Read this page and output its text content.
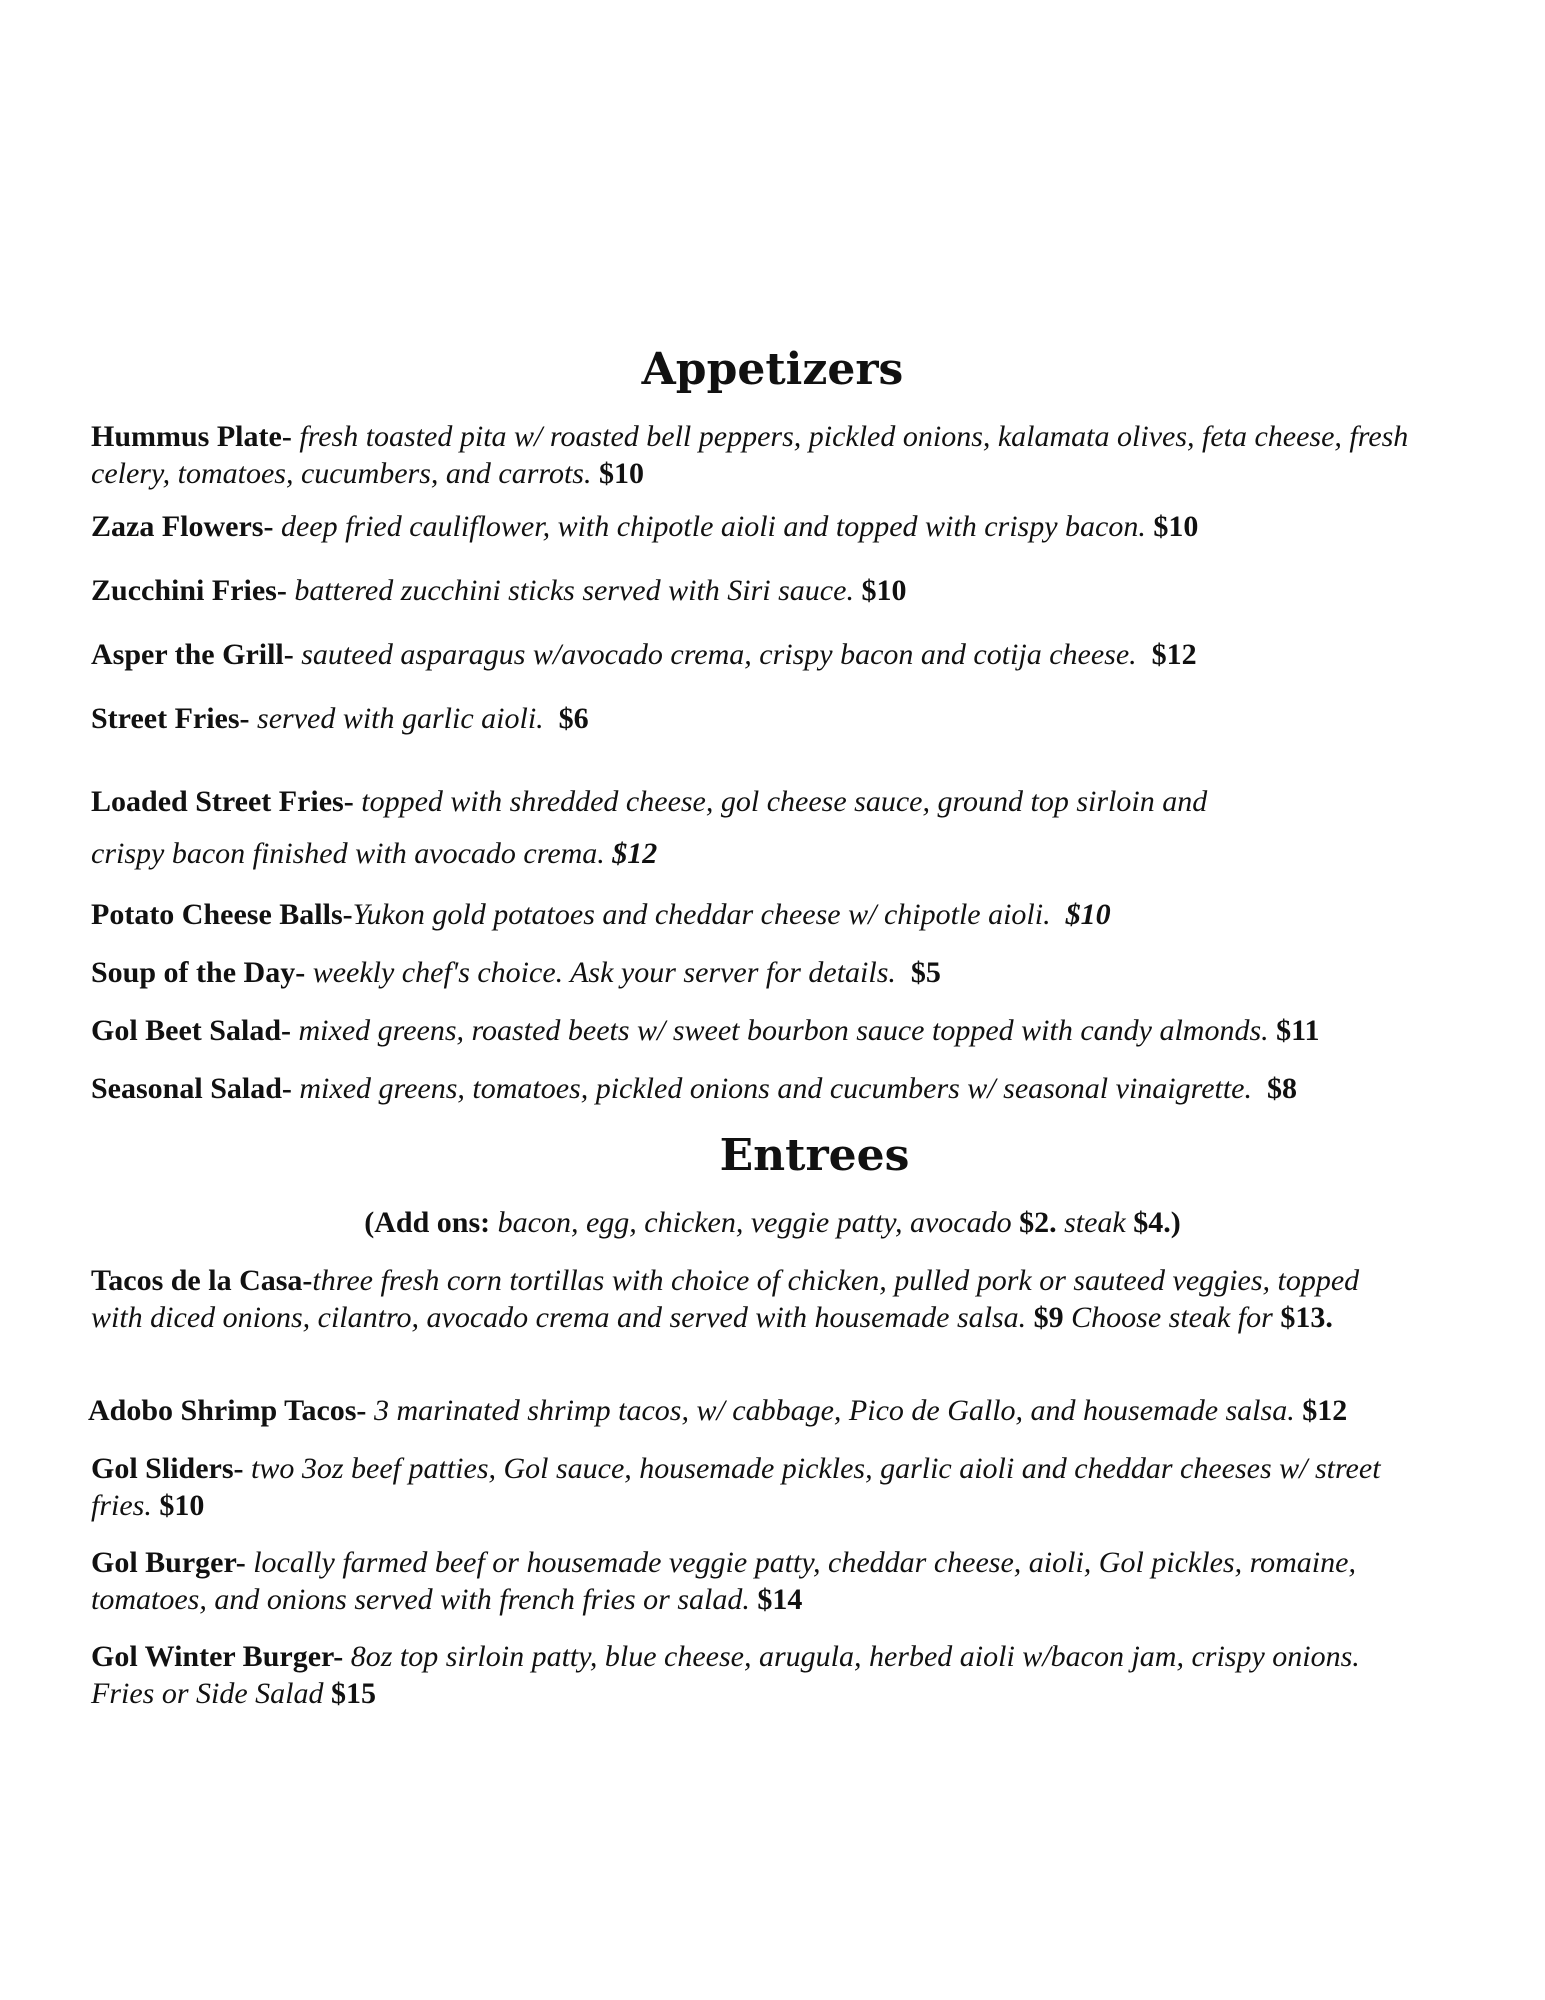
Appetizers

Hummus Plate- fresh toasted pita w/ roasted bell peppers, pickled onions, kalamata olives, feta cheese, fresh celery, tomatoes, cucumbers, and carrots. $10

Zaza Flowers- deep fried cauliflower, with chipotle aioli and topped with crispy bacon. $10

Zucchini Fries- battered zucchini sticks served with Siri sauce. $10

Asper the Grill- sauteed asparagus w/avocado crema, crispy bacon and cotija cheese. $12

Street Fries- served with garlic aioli. $6

Loaded Street Fries- topped with shredded cheese, gol cheese sauce, ground top sirloin and
crispy bacon finished with avocado crema. $12

Potato Cheese Balls-Yukon gold potatoes and cheddar cheese w/ chipotle aioli. $10

Soup of the Day- weekly chef's choice. Ask your server for details. $5

Gol Beet Salad- mixed greens, roasted beets w/ sweet bourbon sauce topped with candy almonds. $11

Seasonal Salad- mixed greens, tomatoes, pickled onions and cucumbers w/ seasonal vinaigrette. $8

Entrees

(Add ons: bacon, egg, chicken, veggie patty, avocado $2. steak $4.)

Tacos de la Casa-three fresh corn tortillas with choice of chicken, pulled pork or sauteed veggies, topped with diced onions, cilantro, avocado crema and served with housemade salsa. $9 Choose steak for $13.

Adobo Shrimp Tacos- 3 marinated shrimp tacos, w/ cabbage, Pico de Gallo, and housemade salsa. $12

Gol Sliders- two 3oz beef patties, Gol sauce, housemade pickles, garlic aioli and cheddar cheeses w/ street fries. $10

Gol Burger- locally farmed beef or housemade veggie patty, cheddar cheese, aioli, Gol pickles, romaine, tomatoes, and onions served with french fries or salad. $14

Gol Winter Burger- 8oz top sirloin patty, blue cheese, arugula, herbed aioli w/bacon jam, crispy onions. Fries or Side Salad $15
